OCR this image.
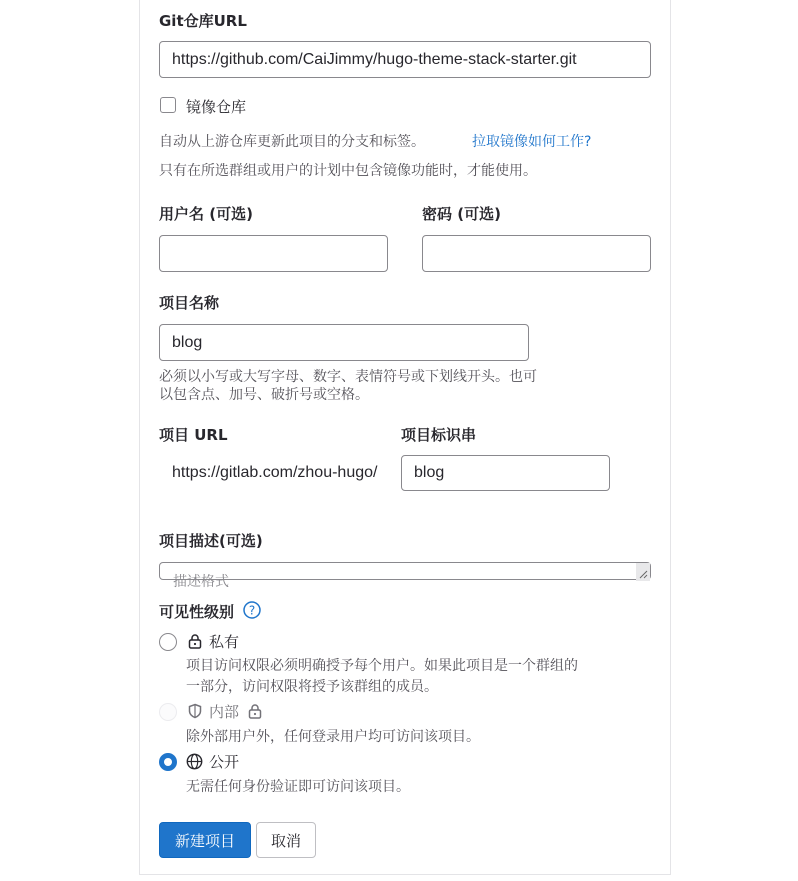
Git仓库URL
https://github.com/CaiJimmy/hugo-theme-stack-starter.git
镜像仓库
自动从上游仓库更新此项目的分支和标签。	拉取镜像如何工作?
只有在所选群组或用户的计划中包含镜像功能时，才能使用。
用户名 (可选)	密码 (可选)
项目名称
blog
必须以小写或大写字母、数字、表情符号或下划线开头。也可
以包含点、加号、破折号或空格。
项目 URL	项目标识串
https://gitlab.com/zhou-hugo/	blog
项目描述(可选)
描述格式
可见性级别 ?
私有
项目访问权限必须明确授予每个用户。如果此项目是一个群组的
一部分，访问权限将授予该群组的成员。
内部
除外部用户外，任何登录用户均可访问该项目。
公开
无需任何身份验证即可访问该项目。
新建项目	取消
